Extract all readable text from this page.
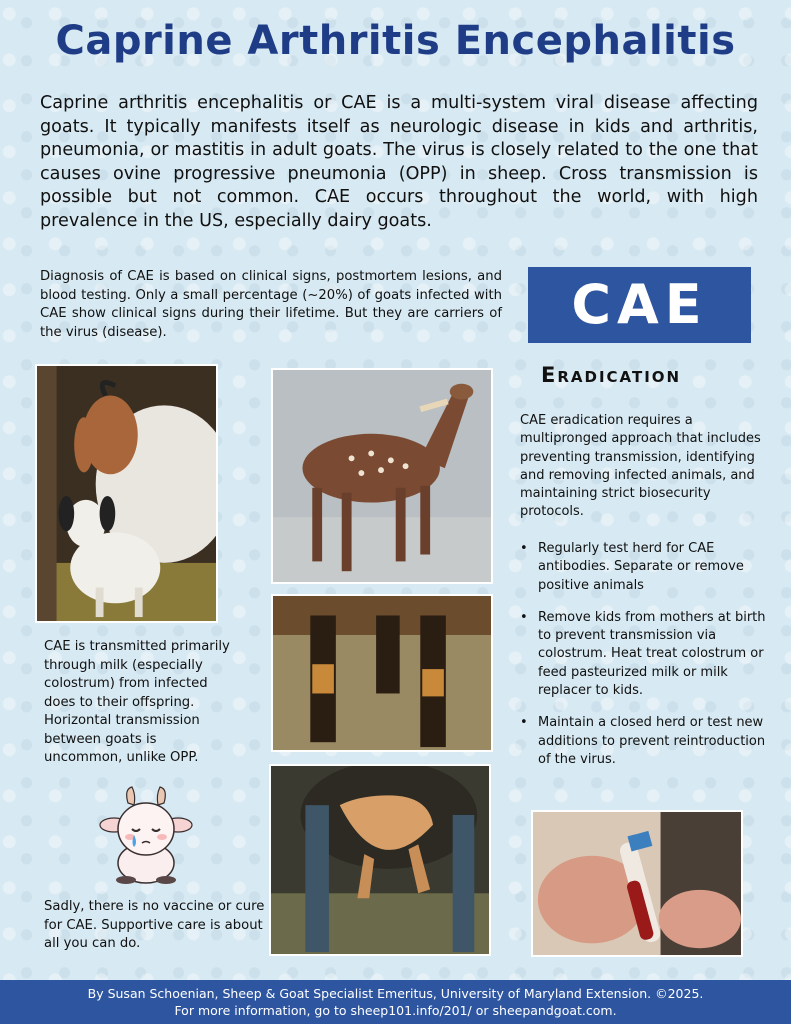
Caprine Arthritis Encephalitis

Caprine arthritis encephalitis or CAE is a multi-system viral disease affecting goats. It typically manifests itself as neurologic disease in kids and arthritis, pneumonia, or mastitis in adult goats. The virus is closely related to the one that causes ovine progressive pneumonia (OPP) in sheep. Cross transmission is possible but not common. CAE occurs throughout the world, with high prevalence in the US, especially dairy goats.

Diagnosis of CAE is based on clinical signs, postmortem lesions, and blood testing. Only a small percentage (~20%) of goats infected with CAE show clinical signs during their lifetime. But they are carriers of the virus (disease).	CAE
Eradication

CAE eradication requires a multipronged approach that includes preventing transmission, identifying and removing infected animals, and maintaining strict biosecurity protocols.

• Regularly test herd for CAE antibodies. Separate or remove positive animals
• Remove kids from mothers at birth to prevent transmission via colostrum. Heat treat colostrum or feed pasteurized milk or milk replacer to kids.
• Maintain a closed herd or test new additions to prevent reintroduction of the virus.

CAE is transmitted primarily through milk (especially colostrum) from infected does to their offspring. Horizontal transmission between goats is uncommon, unlike OPP.

Sadly, there is no vaccine or cure for CAE. Supportive care is about all you can do.

By Susan Schoenian, Sheep & Goat Specialist Emeritus, University of Maryland Extension. ©2025.
For more information, go to sheep101.info/201/ or sheepandgoat.com.
